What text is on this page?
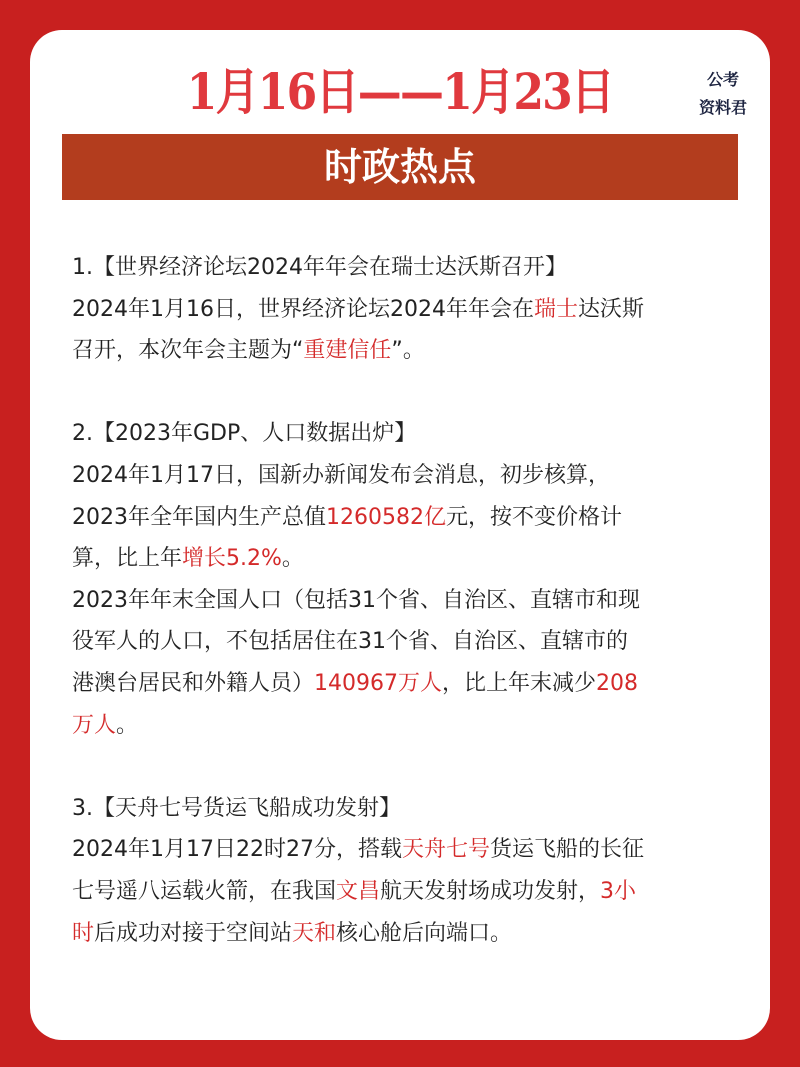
1月16日——1月23日	公考
资料君
时政热点
1.【世界经济论坛2024年年会在瑞士达沃斯召开】
2024年1月16日，世界经济论坛2024年年会在瑞士达沃斯
召开，本次年会主题为“重建信任”。
2.【2023年GDP、人口数据出炉】
2024年1月17日，国新办新闻发布会消息，初步核算，
2023年全年国内生产总值1260582亿元，按不变价格计
算，比上年增长5.2%。
2023年年末全国人口（包括31个省、自治区、直辖市和现
役军人的人口，不包括居住在31个省、自治区、直辖市的
港澳台居民和外籍人员）140967万人，比上年末减少208
万人。
3.【天舟七号货运飞船成功发射】
2024年1月17日22时27分，搭载天舟七号货运飞船的长征
七号遥八运载火箭，在我国文昌航天发射场成功发射，3小
时后成功对接于空间站天和核心舱后向端口。
